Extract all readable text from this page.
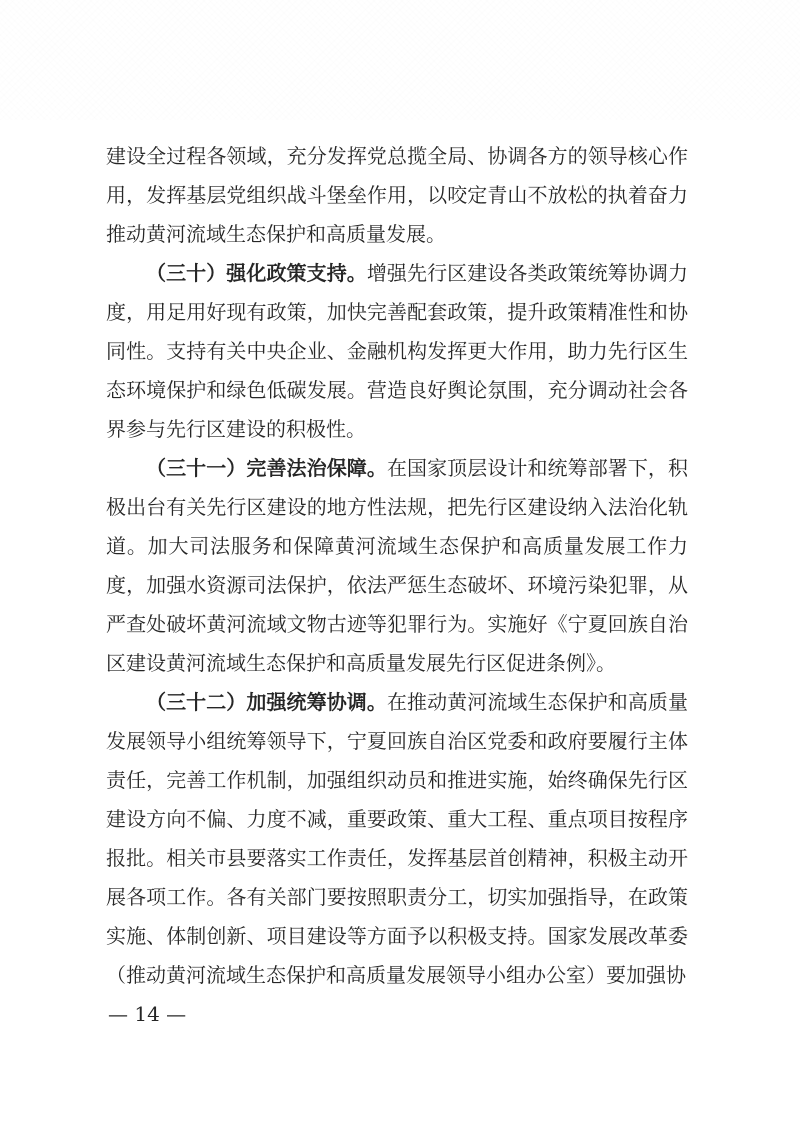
建设全过程各领域，充分发挥党总揽全局、协调各方的领导核心作用，发挥基层党组织战斗堡垒作用，以咬定青山不放松的执着奋力推动黄河流域生态保护和高质量发展。

（三十）强化政策支持。增强先行区建设各类政策统筹协调力度，用足用好现有政策，加快完善配套政策，提升政策精准性和协同性。支持有关中央企业、金融机构发挥更大作用，助力先行区生态环境保护和绿色低碳发展。营造良好舆论氛围，充分调动社会各界参与先行区建设的积极性。

（三十一）完善法治保障。在国家顶层设计和统筹部署下，积极出台有关先行区建设的地方性法规，把先行区建设纳入法治化轨道。加大司法服务和保障黄河流域生态保护和高质量发展工作力度，加强水资源司法保护，依法严惩生态破坏、环境污染犯罪，从严查处破坏黄河流域文物古迹等犯罪行为。实施好《宁夏回族自治区建设黄河流域生态保护和高质量发展先行区促进条例》。

（三十二）加强统筹协调。在推动黄河流域生态保护和高质量发展领导小组统筹领导下，宁夏回族自治区党委和政府要履行主体责任，完善工作机制，加强组织动员和推进实施，始终确保先行区建设方向不偏、力度不减，重要政策、重大工程、重点项目按程序报批。相关市县要落实工作责任，发挥基层首创精神，积极主动开展各项工作。各有关部门要按照职责分工，切实加强指导，在政策实施、体制创新、项目建设等方面予以积极支持。国家发展改革委（推动黄河流域生态保护和高质量发展领导小组办公室）要加强协

— 14 —
